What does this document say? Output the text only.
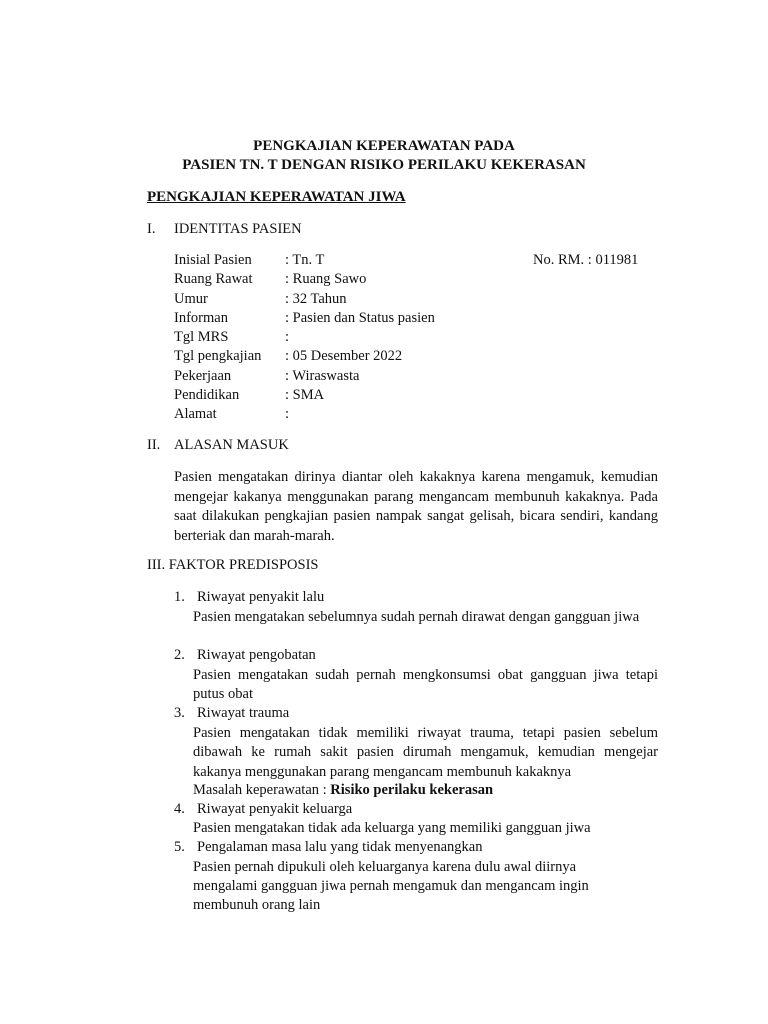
PENGKAJIAN KEPERAWATAN PADA
PASIEN TN. T DENGAN RISIKO PERILAKU KEKERASAN
PENGKAJIAN KEPERAWATAN JIWA
I. IDENTITAS PASIEN
No. RM. : 011981
Inisial Pasien : Tn. T
Ruang Rawat : Ruang Sawo
Umur	: 32 Tahun
Informan	: Pasien dan Status pasien
Tgl MRS	:
Tgl pengkajian : 05 Desember 2022
Pekerjaan	: Wiraswasta
Pendidikan	: SMA
Alamat	:
II. ALASAN MASUK
Pasien mengatakan dirinya diantar oleh kakaknya karena mengamuk, kemudian mengejar kakanya menggunakan parang mengancam membunuh kakaknya. Pada saat dilakukan pengkajian pasien nampak sangat gelisah, bicara sendiri, kandang berteriak dan marah-marah.
III. FAKTOR PREDISPOSIS
1. Riwayat penyakit lalu
Pasien mengatakan sebelumnya sudah pernah dirawat dengan gangguan jiwa
2. Riwayat pengobatan
Pasien mengatakan sudah pernah mengkonsumsi obat gangguan jiwa tetapi putus obat
3. Riwayat trauma
Pasien mengatakan tidak memiliki riwayat trauma, tetapi pasien sebelum dibawah ke rumah sakit pasien dirumah mengamuk, kemudian mengejar kakanya menggunakan parang mengancam membunuh kakaknya
Masalah keperawatan : Risiko perilaku kekerasan
4. Riwayat penyakit keluarga
Pasien mengatakan tidak ada keluarga yang memiliki gangguan jiwa
5. Pengalaman masa lalu yang tidak menyenangkan
Pasien pernah dipukuli oleh keluarganya karena dulu awal diirnya
mengalami gangguan jiwa pernah mengamuk dan mengancam ingin
membunuh orang lain
